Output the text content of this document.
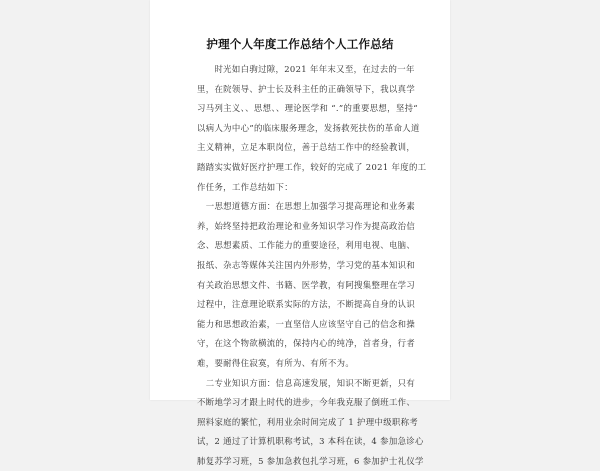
护理个人年度工作总结个人工作总结
　　时光如白驹过隙，2021 年年末又至，在过去的一年
里，在院领导、护士长及科主任的正确领导下，我以真学
习马列主义、、思想、、理论医学和 “.”的重要思想，坚持“
以病人为中心”的临床服务理念，发扬救死扶伤的革命人道
主义精神，立足本职岗位，善于总结工作中的经验教训，
踏踏实实做好医疗护理工作，较好的完成了 2021 年度的工
作任务，工作总结如下：
　一思想道德方面：在思想上加强学习提高理论和业务素
养，始终坚持把政治理论和业务知识学习作为提高政治信
念、思想素质、工作能力的重要途径，利用电视、电脑、
报纸、杂志等媒体关注国内外形势，学习党的基本知识和
有关政治思想文件、书籍、医学教，有阿搜集整理在学习
过程中，注意理论联系实际的方法，不断提高自身的认识
能力和思想政治素，一直坚信人应该坚守自己的信念和操
守，在这个物欲横流的，保持内心的纯净，首者身，行者
难，要耐得住寂寞，有所为、有所不为。
　二专业知识方面：信息高速发展，知识不断更新，只有
不断地学习才跟上时代的进步，今年我克服了倒班工作、
照料家庭的繁忙，利用业余时间完成了 1 护理中级职称考
试，2 通过了计算机职称考试，3 本科在读，4 参加急诊心
肺复苏学习班，5 参加急救包扎学习班，6 参加护士礼仪学
